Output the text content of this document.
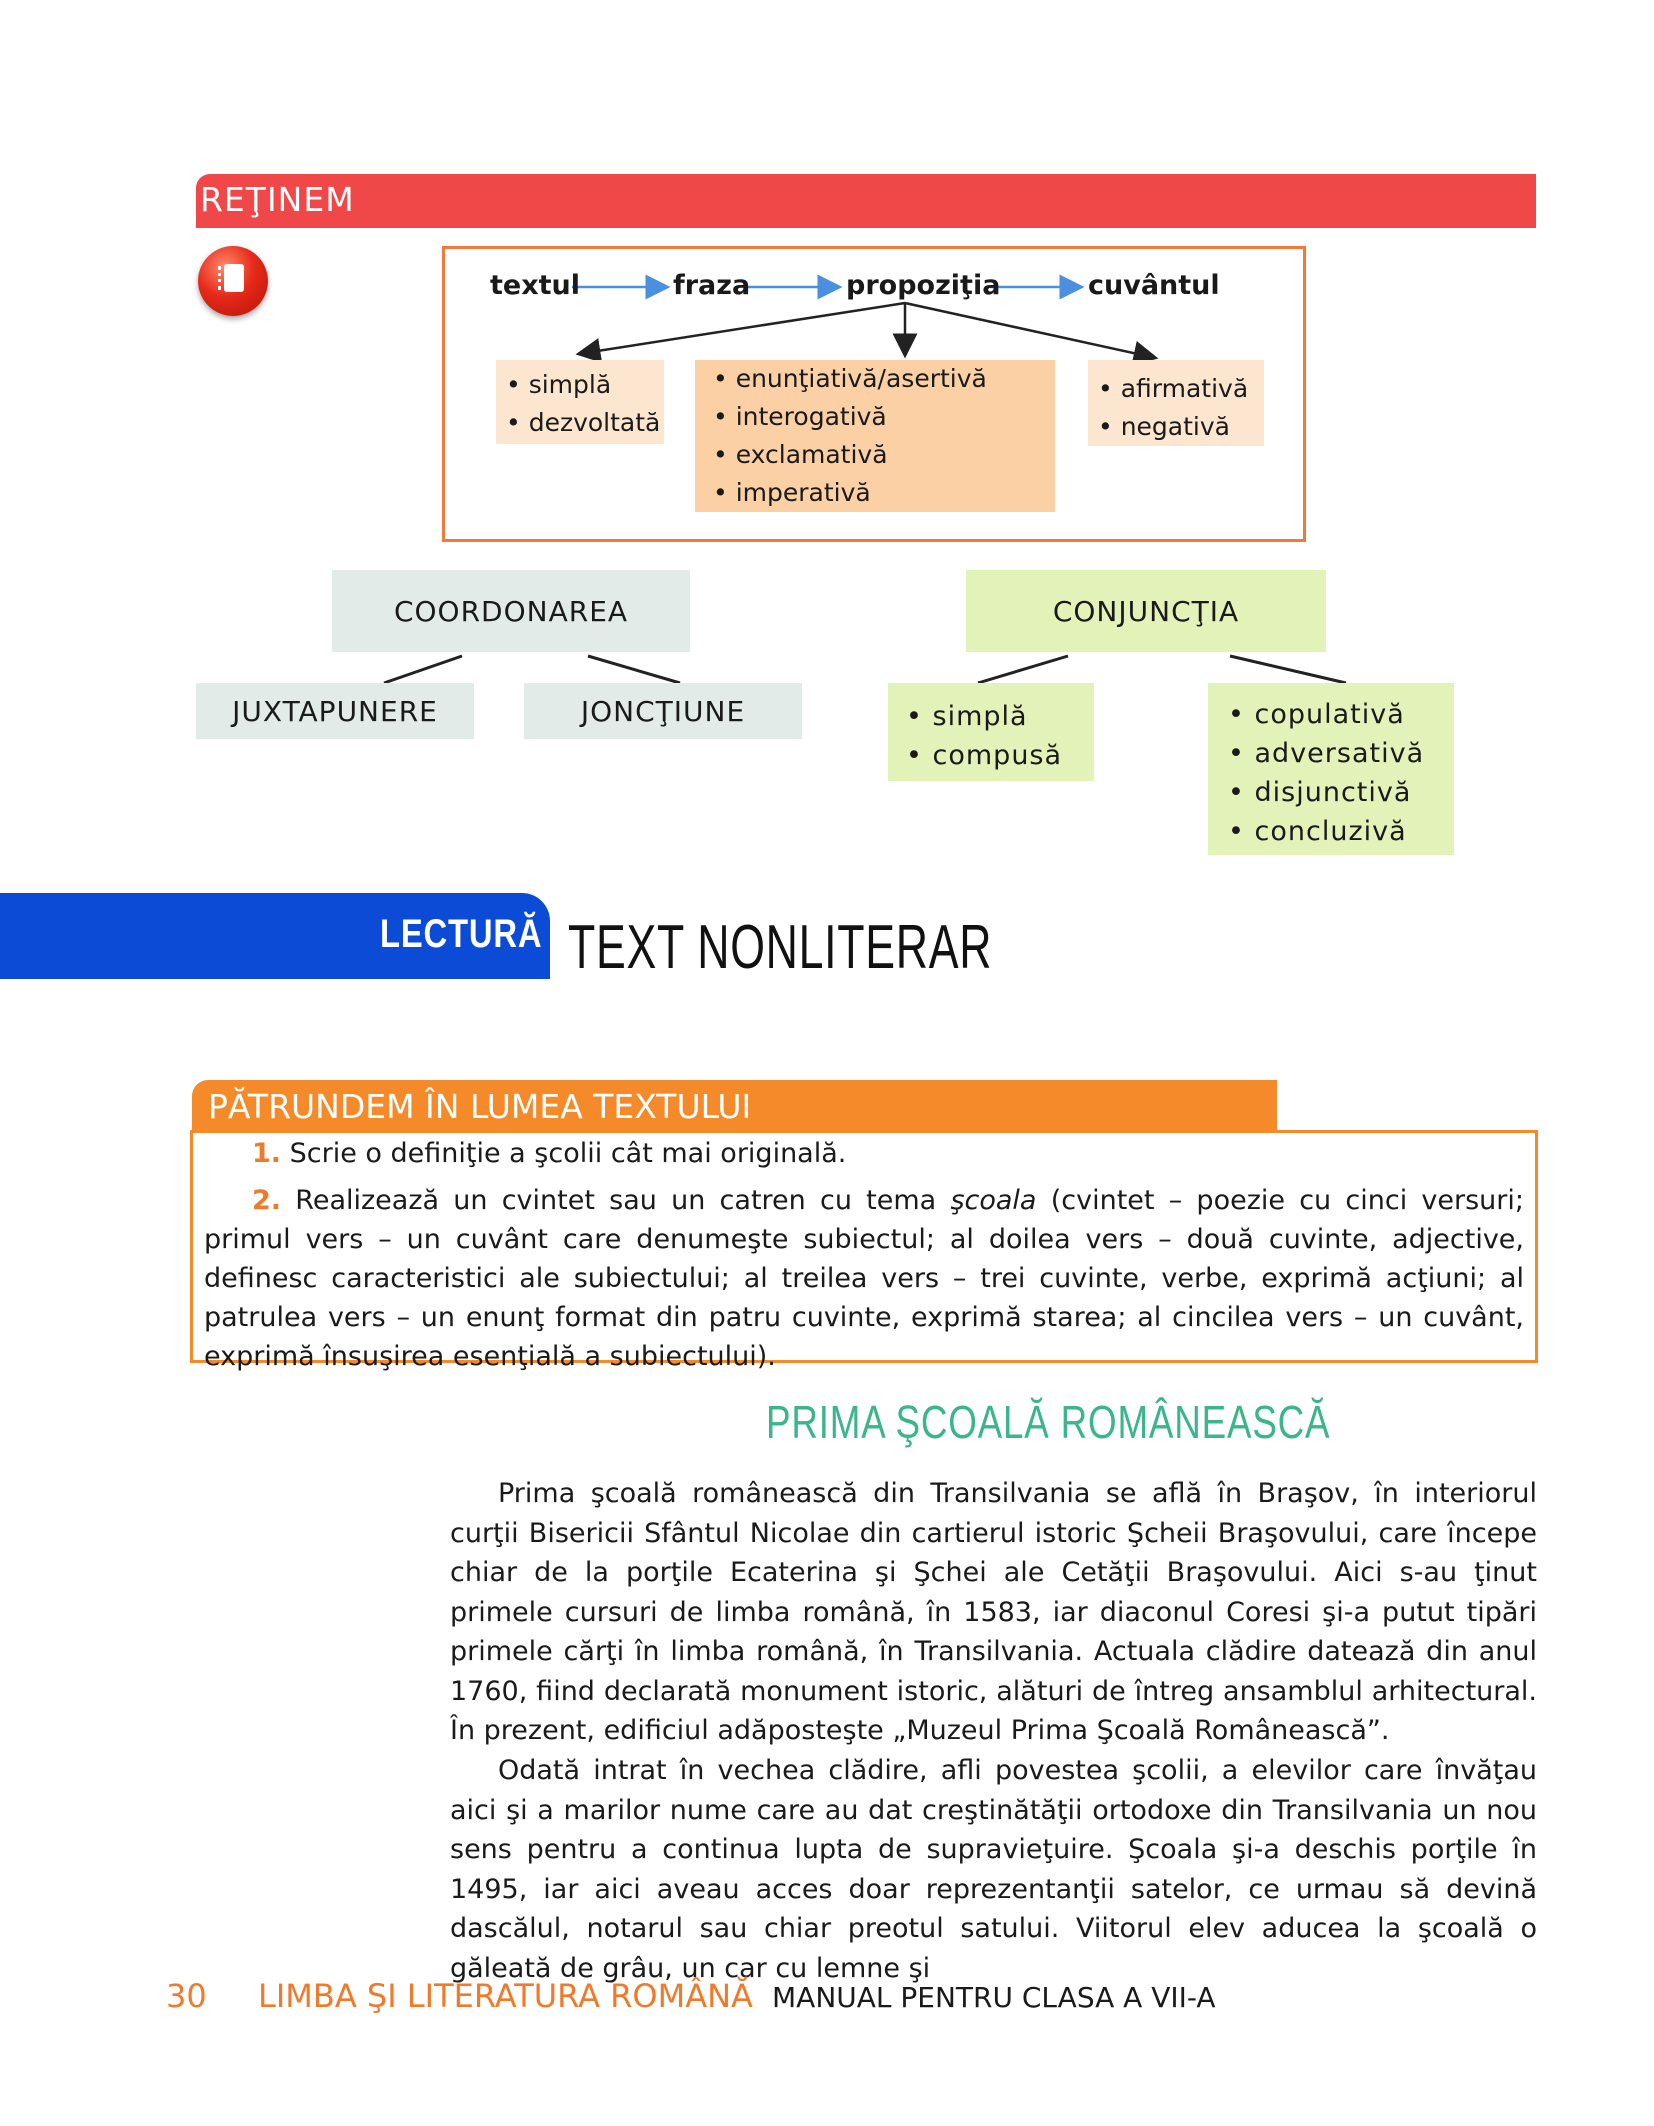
REŢINEM
textul	fraza	propoziţia	cuvântul
• simplă
• dezvoltată
• enunţiativă/asertivă
• interogativă
• exclamativă
• imperativă
• afirmativă
• negativă
COORDONAREA
JUXTAPUNERE	JONCŢIUNE
CONJUNCŢIA
• simplă
• compusă
• copulativă
• adversativă
• disjunctivă
• concluzivă
LECTURĂ TEXT NONLITERAR
PĂTRUNDEM ÎN LUMEA TEXTULUI
1. Scrie o definiţie a şcolii cât mai originală.
2. Realizează un cvintet sau un catren cu tema şcoala (cvintet – poezie cu cinci versuri; primul vers – un cuvânt care denumeşte subiectul; al doilea vers – două cuvinte, adjective, definesc caracteristici ale subiectului; al treilea vers – trei cuvinte, verbe, exprimă acţiuni; al patrulea vers – un enunţ format din patru cuvinte, exprimă starea; al cincilea vers – un cuvânt, exprimă însuşirea esenţială a subiectului).
PRIMA ŞCOALĂ ROMÂNEASCĂ
Prima şcoală românească din Transilvania se află în Braşov, în interiorul curţii Bisericii Sfântul Nicolae din cartierul istoric Şcheii Braşovului, care începe chiar de la porţile Ecaterina şi Şchei ale Cetăţii Braşovului. Aici s-au ţinut primele cursuri de limba română, în 1583, iar diaconul Coresi şi-a putut tipări primele cărţi în limba română, în Transilvania. Actuala clădire datează din anul 1760, fiind declarată monument istoric, alături de întreg ansamblul arhitectural. În prezent, edificiul adăposteşte „Muzeul Prima Şcoală Românească”.
Odată intrat în vechea clădire, afli povestea şcolii, a elevilor care învăţau aici şi a marilor nume care au dat creştinătăţii ortodoxe din Transilvania un nou sens pentru a continua lupta de supravieţuire. Şcoala şi-a deschis porţile în 1495, iar aici aveau acces doar reprezentanţii satelor, ce urmau să devină dascălul, notarul sau chiar preotul satului. Viitorul elev aducea la şcoală o găleată de grâu, un car cu lemne şi
30 LIMBA ŞI LITERATURA ROMÂNĂ MANUAL PENTRU CLASA A VII-A
